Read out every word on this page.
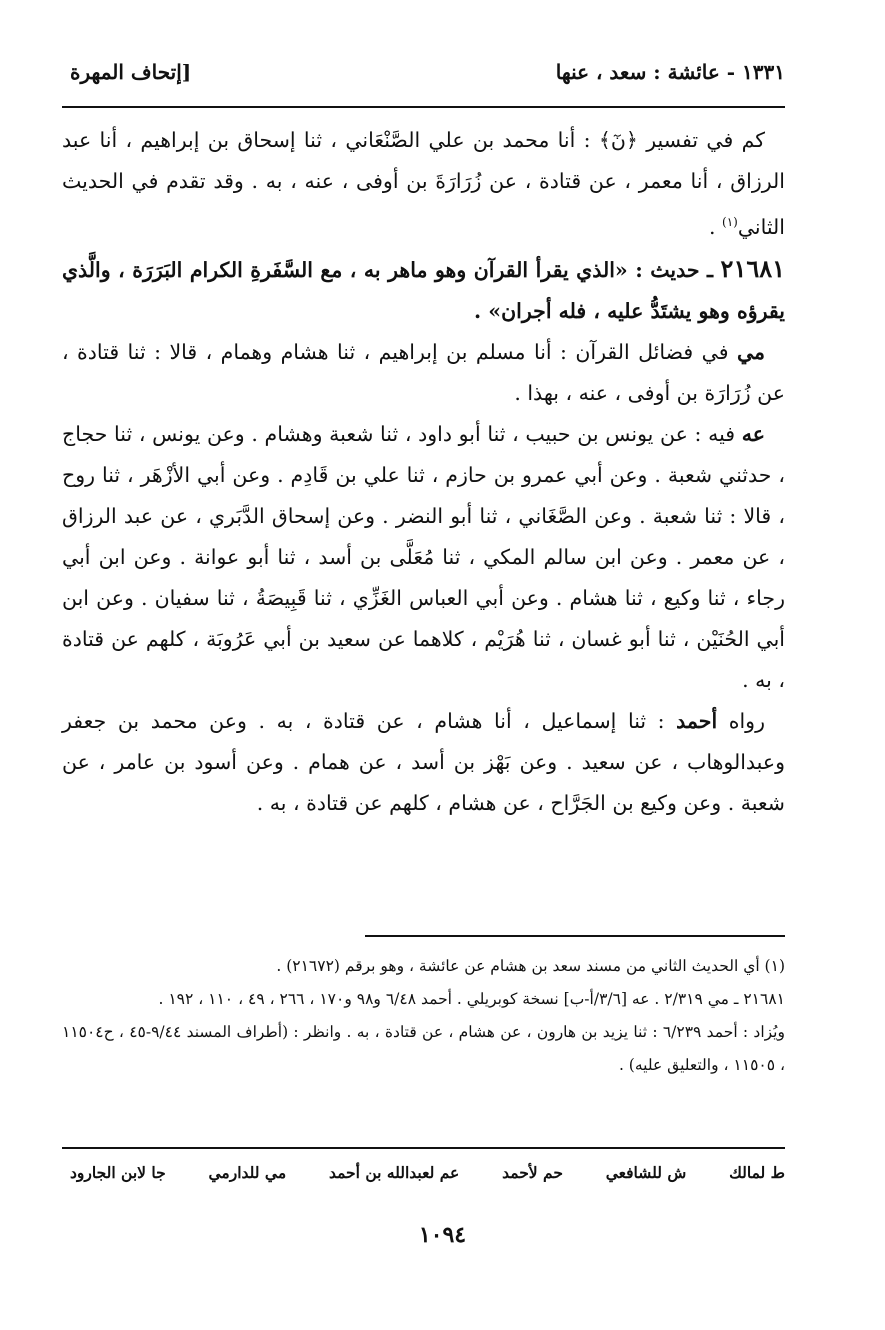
١٣٣١ - عائشة : سعد ، عنها
[إتحاف المهرة

كم في تفسير ﴿نٓ﴾ : أنا محمد بن علي الصَّنْعَاني ، ثنا إسحاق بن إبراهيم ، أنا عبد الرزاق ، أنا معمر ، عن قتادة ، عن زُرَارَةَ بن أوفى ، عنه ، به . وقد تقدم في الحديث الثاني$^{(١)}$ .

٢١٦٨١ ـ حديث : «الذي يقرأ القرآن وهو ماهر به ، مع السَّفَرةِ الكرام البَرَرَة ، والَّذي يقرؤه وهو يشتَدُّ عليه ، فله أجران» .

مي في فضائل القرآن : أنا مسلم بن إبراهيم ، ثنا هشام وهمام ، قالا : ثنا قتادة ، عن زُرَارَة بن أوفى ، عنه ، بهذا .

عه فيه : عن يونس بن حبيب ، ثنا أبو داود ، ثنا شعبة وهشام . وعن يونس ، ثنا حجاج ، حدثني شعبة . وعن أبي عمرو بن حازم ، ثنا علي بن قَادِم . وعن أبي الأزْهَر ، ثنا روح ، قالا : ثنا شعبة . وعن الصَّغَاني ، ثنا أبو النضر . وعن إسحاق الدَّبَري ، عن عبد الرزاق ، عن معمر . وعن ابن سالم المكي ، ثنا مُعَلَّى بن أسد ، ثنا أبو عوانة . وعن ابن أبي رجاء ، ثنا وكيع ، ثنا هشام . وعن أبي العباس الغَزِّي ، ثنا قَبِيصَةُ ، ثنا سفيان . وعن ابن أبي الحُنَيْن ، ثنا أبو غسان ، ثنا هُرَيْم ، كلاهما عن سعيد بن أبي عَرُوبَة ، كلهم عن قتادة ، به .

رواه أحمد : ثنا إسماعيل ، أنا هشام ، عن قتادة ، به . وعن محمد بن جعفر وعبدالوهاب ، عن سعيد . وعن بَهْز بن أسد ، عن همام . وعن أسود بن عامر ، عن شعبة . وعن وكيع بن الجَرَّاح ، عن هشام ، كلهم عن قتادة ، به .

(١) أي الحديث الثاني من مسند سعد بن هشام عن عائشة ، وهو برقم (٢١٦٧٢) .

٢١٦٨١ ـ مي ٢/٣١٩ . عه [٣/٦/أ-ب] نسخة كوبريلي . أحمد ٦/٤٨ و٩٨ و١٧٠ ، ٢٦٦ ، ٤٩ ، ١١٠ ، ١٩٢ .

ويُزاد : أحمد ٦/٢٣٩ : ثنا يزيد بن هارون ، عن هشام ، عن قتادة ، به . وانظر : (أطراف المسند ٩/٤٤-٤٥ ، ح١١٥٠٤ ، ١١٥٠٥ ، والتعليق عليه) .

ط لمالك
ش للشافعي
حم لأحمد
عم لعبدالله بن أحمد
مي للدارمي
جا لابن الجارود
١٠٩٤
